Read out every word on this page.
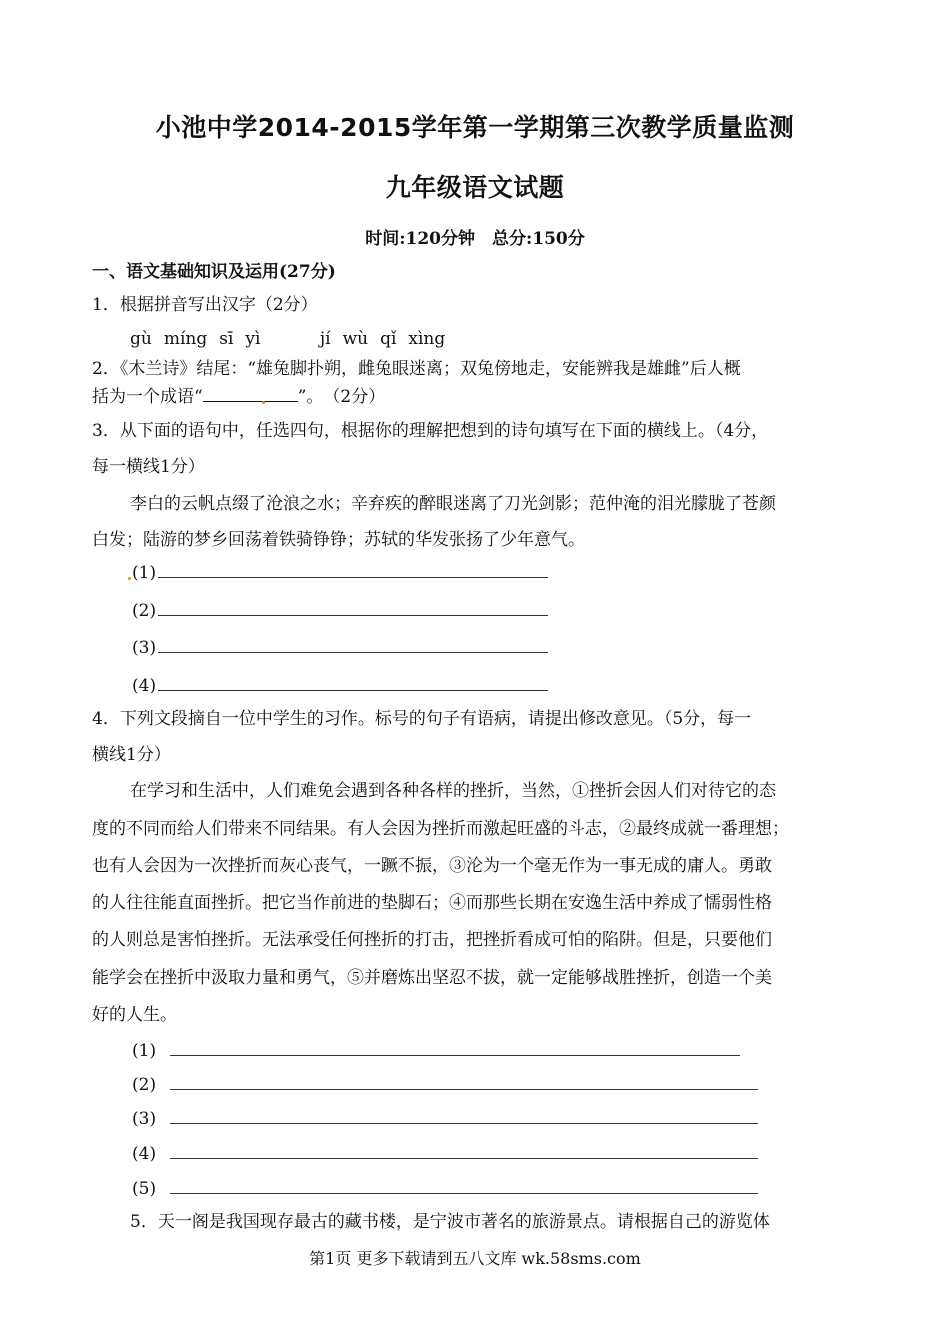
小池中学2014-2015学年第一学期第三次教学质量监测
九年级语文试题
时间:120分钟　总分:150分
一、语文基础知识及运用(27分)
1．根据拼音写出汉字（2分）
gù míng sī yì	jí wù qǐ xìng
2．《木兰诗》结尾：“雄兔脚扑朔，雌兔眼迷离；双兔傍地走，安能辨我是雄雌”后人概
括为一个成语“	”。　（2分）
3．从下面的语句中，任选四句，根据你的理解把想到的诗句填写在下面的横线上。（4分，
每一横线1分）
李白的云帆点缀了沧浪之水；辛弃疾的醉眼迷离了刀光剑影；范仲淹的泪光朦胧了苍颜
白发；陆游的梦乡回荡着铁骑铮铮；苏轼的华发张扬了少年意气。
(1)
(2)
(3)
(4)
4．下列文段摘自一位中学生的习作。标号的句子有语病，请提出修改意见。（5分，每一
横线1分）
在学习和生活中，人们难免会遇到各种各样的挫折，当然，①挫折会因人们对待它的态
度的不同而给人们带来不同结果。有人会因为挫折而激起旺盛的斗志，②最终成就一番理想；
也有人会因为一次挫折而灰心丧气，一蹶不振，③沦为一个毫无作为一事无成的庸人。勇敢
的人往往能直面挫折。把它当作前进的垫脚石；④而那些长期在安逸生活中养成了懦弱性格
的人则总是害怕挫折。无法承受任何挫折的打击，把挫折看成可怕的陷阱。但是，只要他们
能学会在挫折中汲取力量和勇气，⑤并磨炼出坚忍不拔，就一定能够战胜挫折，创造一个美
好的人生。
(1)
(2)
(3)
(4)
(5)
5．天一阁是我国现存最古的藏书楼，是宁波市著名的旅游景点。请根据自己的游览体
第1页 更多下载请到五八文库 wk.58sms.com
